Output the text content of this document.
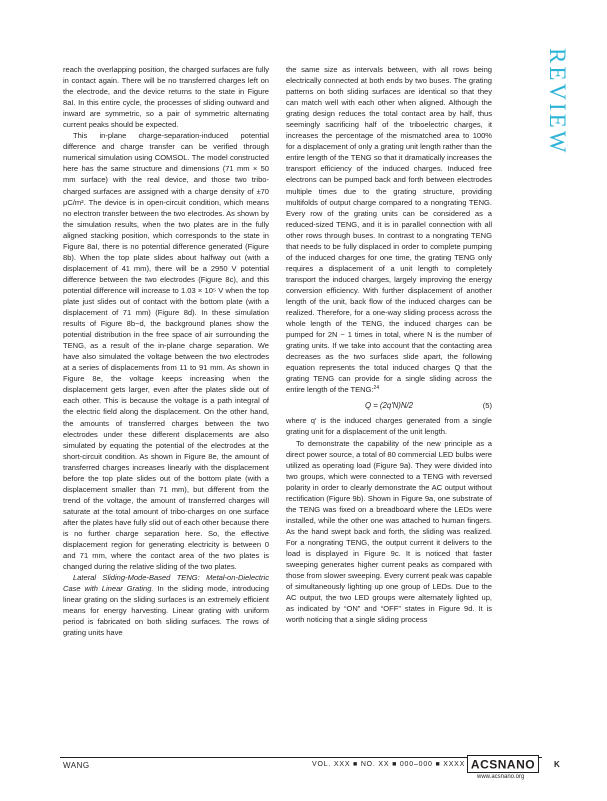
REVIEW

reach the overlapping position, the charged surfaces are fully in contact again. There will be no transferred charges left on the electrode, and the device returns to the state in Figure 8aI. In this entire cycle, the processes of sliding outward and inward are symmetric, so a pair of symmetric alternating current peaks should be expected.

This in-plane charge-separation-induced potential difference and charge transfer can be verified through numerical simulation using COMSOL. The model constructed here has the same structure and dimensions (71 mm × 50 mm surface) with the real device, and those two tribo-charged surfaces are assigned with a charge density of ±70 μC/m². The device is in open-circuit condition, which means no electron transfer between the two electrodes. As shown by the simulation results, when the two plates are in the fully aligned stacking position, which corresponds to the state in Figure 8aI, there is no potential difference generated (Figure 8b). When the top plate slides about halfway out (with a displacement of 41 mm), there will be a 2950 V potential difference between the two electrodes (Figure 8c), and this potential difference will increase to 1.03 × 10⁵ V when the top plate just slides out of contact with the bottom plate (with a displacement of 71 mm) (Figure 8d). In these simulation results of Figure 8b−d, the background planes show the potential distribution in the free space of air surrounding the TENG, as a result of the in-plane charge separation. We have also simulated the voltage between the two electrodes at a series of displacements from 11 to 91 mm. As shown in Figure 8e, the voltage keeps increasing when the displacement gets larger, even after the plates slide out of each other. This is because the voltage is a path integral of the electric field along the displacement. On the other hand, the amounts of transferred charges between the two electrodes under these different displacements are also simulated by equating the potential of the electrodes at the short-circuit condition. As shown in Figure 8e, the amount of transferred charges increases linearly with the displacement before the top plate slides out of the bottom plate (with a displacement smaller than 71 mm), but different from the trend of the voltage, the amount of transferred charges will saturate at the total amount of tribo-charges on one surface after the plates have fully slid out of each other because there is no further charge separation here. So, the effective displacement region for generating electricity is between 0 and 71 mm, where the contact area of the two plates is changed during the relative sliding of the two plates.

Lateral Sliding-Mode-Based TENG: Metal-on-Dielectric Case with Linear Grating. In the sliding mode, introducing linear grating on the sliding surfaces is an extremely efficient means for energy harvesting. Linear grating with uniform period is fabricated on both sliding surfaces. The rows of grating units have

the same size as intervals between, with all rows being electrically connected at both ends by two buses. The grating patterns on both sliding surfaces are identical so that they can match well with each other when aligned. Although the grating design reduces the total contact area by half, thus seemingly sacrificing half of the triboelectric charges, it increases the percentage of the mismatched area to 100% for a displacement of only a grating unit length rather than the entire length of the TENG so that it dramatically increases the transport efficiency of the induced charges. Induced free electrons can be pumped back and forth between electrodes multiple times due to the grating structure, providing multifolds of output charge compared to a nongrating TENG. Every row of the grating units can be considered as a reduced-sized TENG, and it is in parallel connection with all other rows through buses. In contrast to a nongrating TENG that needs to be fully displaced in order to complete pumping of the induced charges for one time, the grating TENG only requires a displacement of a unit length to completely transport the induced charges, largely improving the energy conversion efficiency. With further displacement of another length of the unit, back flow of the induced charges can be realized. Therefore, for a one-way sliding process across the whole length of the TENG, the induced charges can be pumped for 2N − 1 times in total, where N is the number of grating units. If we take into account that the contacting area decreases as the two surfaces slide apart, the following equation represents the total induced charges Q that the grating TENG can provide for a single sliding across the entire length of the TENG:$^{24}$

Q = (2q′N)N/2	(5)

where q′ is the induced charges generated from a single grating unit for a displacement of the unit length.

To demonstrate the capability of the new principle as a direct power source, a total of 80 commercial LED bulbs were utilized as operating load (Figure 9a). They were divided into two groups, which were connected to a TENG with reversed polarity in order to clearly demonstrate the AC output without rectification (Figure 9b). Shown in Figure 9a, one substrate of the TENG was fixed on a breadboard where the LEDs were installed, while the other one was attached to human fingers. As the hand swept back and forth, the sliding was realized. For a nongrating TENG, the output current it delivers to the load is displayed in Figure 9c. It is noticed that faster sweeping generates higher current peaks as compared with those from slower sweeping. Every current peak was capable of simultaneously lighting up one group of LEDs. Due to the AC output, the two LED groups were alternately lighted up, as indicated by “ON” and “OFF” states in Figure 9d. It is worth noticing that a single sliding process

WANG	VOL. XXX ■ NO. XX ■ 000–000 ■ XXXX ACSNANO K
www.acsnano.org
